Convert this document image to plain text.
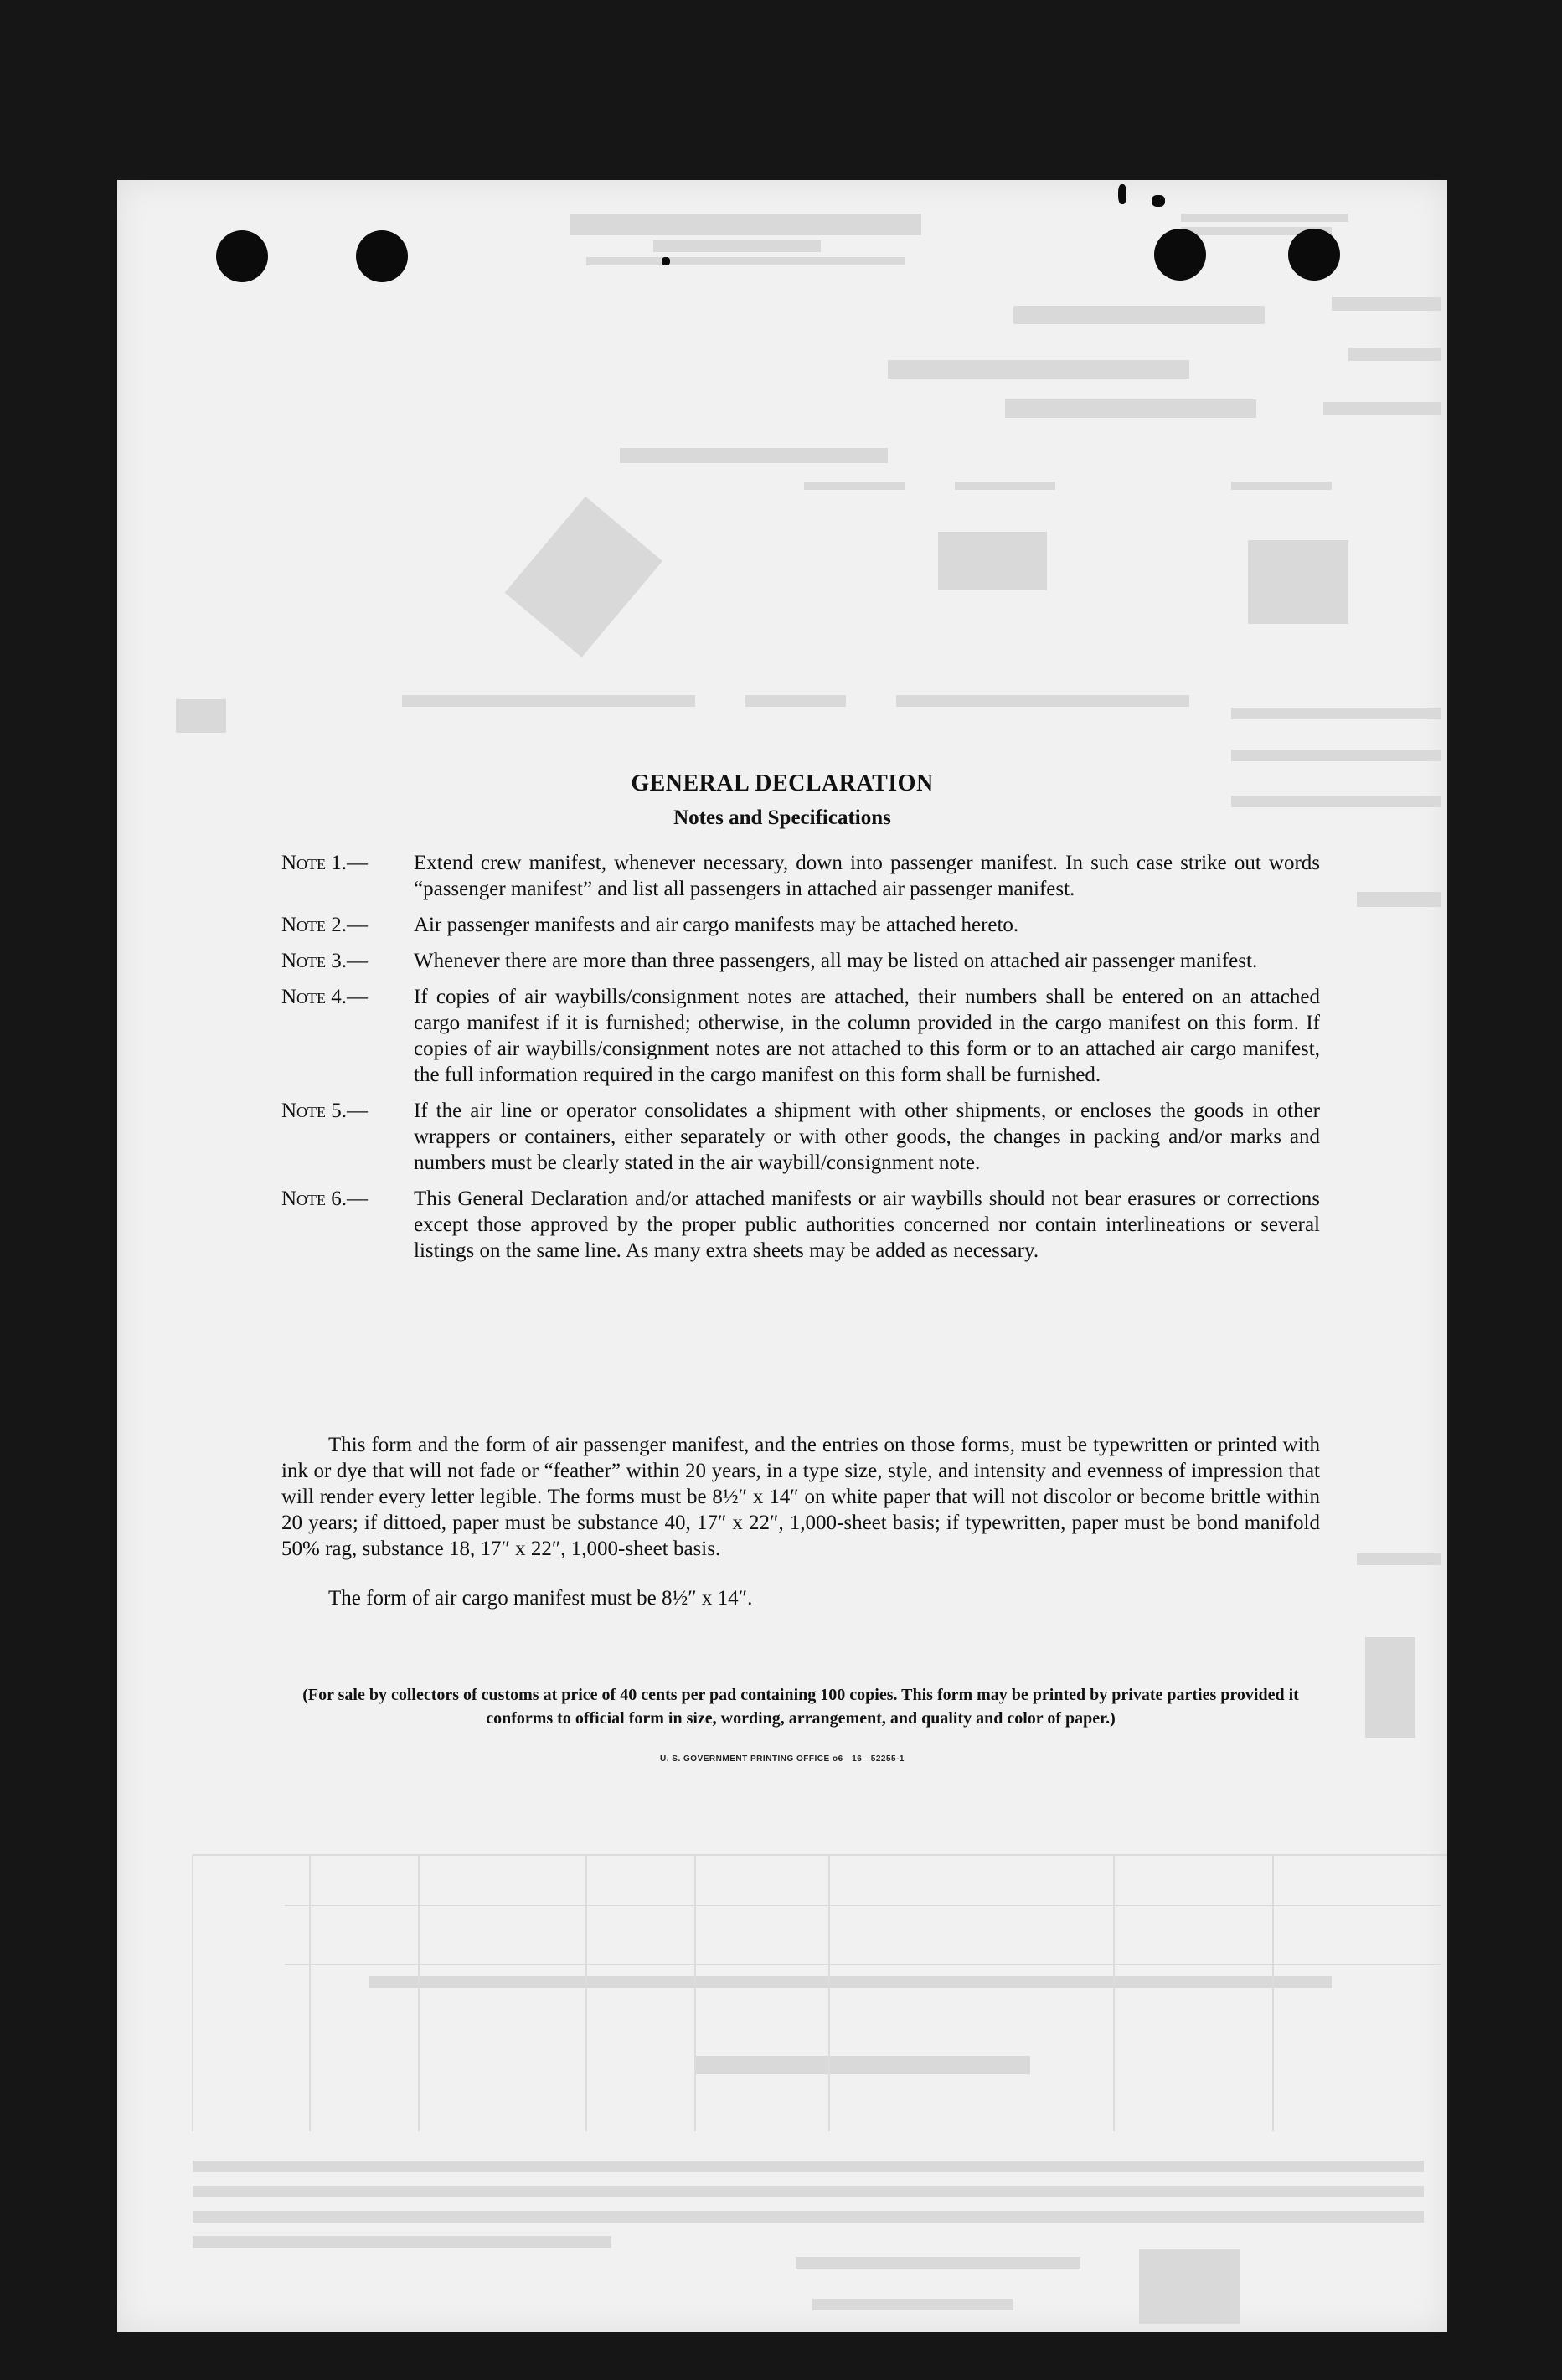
GENERAL DECLARATION
Notes and Specifications
Note 1.—	Extend crew manifest, whenever necessary, down into passenger manifest. In such case strike out words “passenger manifest” and list all passengers in attached air passenger manifest.
Note 2.—	Air passenger manifests and air cargo manifests may be attached hereto.
Note 3.—	Whenever there are more than three passengers, all may be listed on attached air passenger manifest.
Note 4.—	If copies of air waybills/consignment notes are attached, their numbers shall be entered on an attached cargo manifest if it is furnished; otherwise, in the column provided in the cargo manifest on this form. If copies of air waybills/consignment notes are not attached to this form or to an attached air cargo manifest, the full information required in the cargo manifest on this form shall be furnished.
Note 5.—	If the air line or operator consolidates a shipment with other shipments, or encloses the goods in other wrappers or containers, either separately or with other goods, the changes in packing and/or marks and numbers must be clearly stated in the air waybill/consignment note.
Note 6.—	This General Declaration and/or attached manifests or air waybills should not bear erasures or corrections except those approved by the proper public authorities concerned nor contain interlineations or several listings on the same line. As many extra sheets may be added as necessary.
This form and the form of air passenger manifest, and the entries on those forms, must be typewritten or printed with ink or dye that will not fade or “feather” within 20 years, in a type size, style, and intensity and evenness of impression that will render every letter legible. The forms must be 8½″ x 14″ on white paper that will not discolor or become brittle within 20 years; if dittoed, paper must be substance 40, 17″ x 22″, 1,000-sheet basis; if typewritten, paper must be bond manifold 50% rag, substance 18, 17″ x 22″, 1,000-sheet basis.
The form of air cargo manifest must be 8½″ x 14″.
(For sale by collectors of customs at price of 40 cents per pad containing 100 copies. This form may be printed by private parties provided it conforms to official form in size, wording, arrangement, and quality and color of paper.)
U. S. GOVERNMENT PRINTING OFFICE o6—16—52255-1
